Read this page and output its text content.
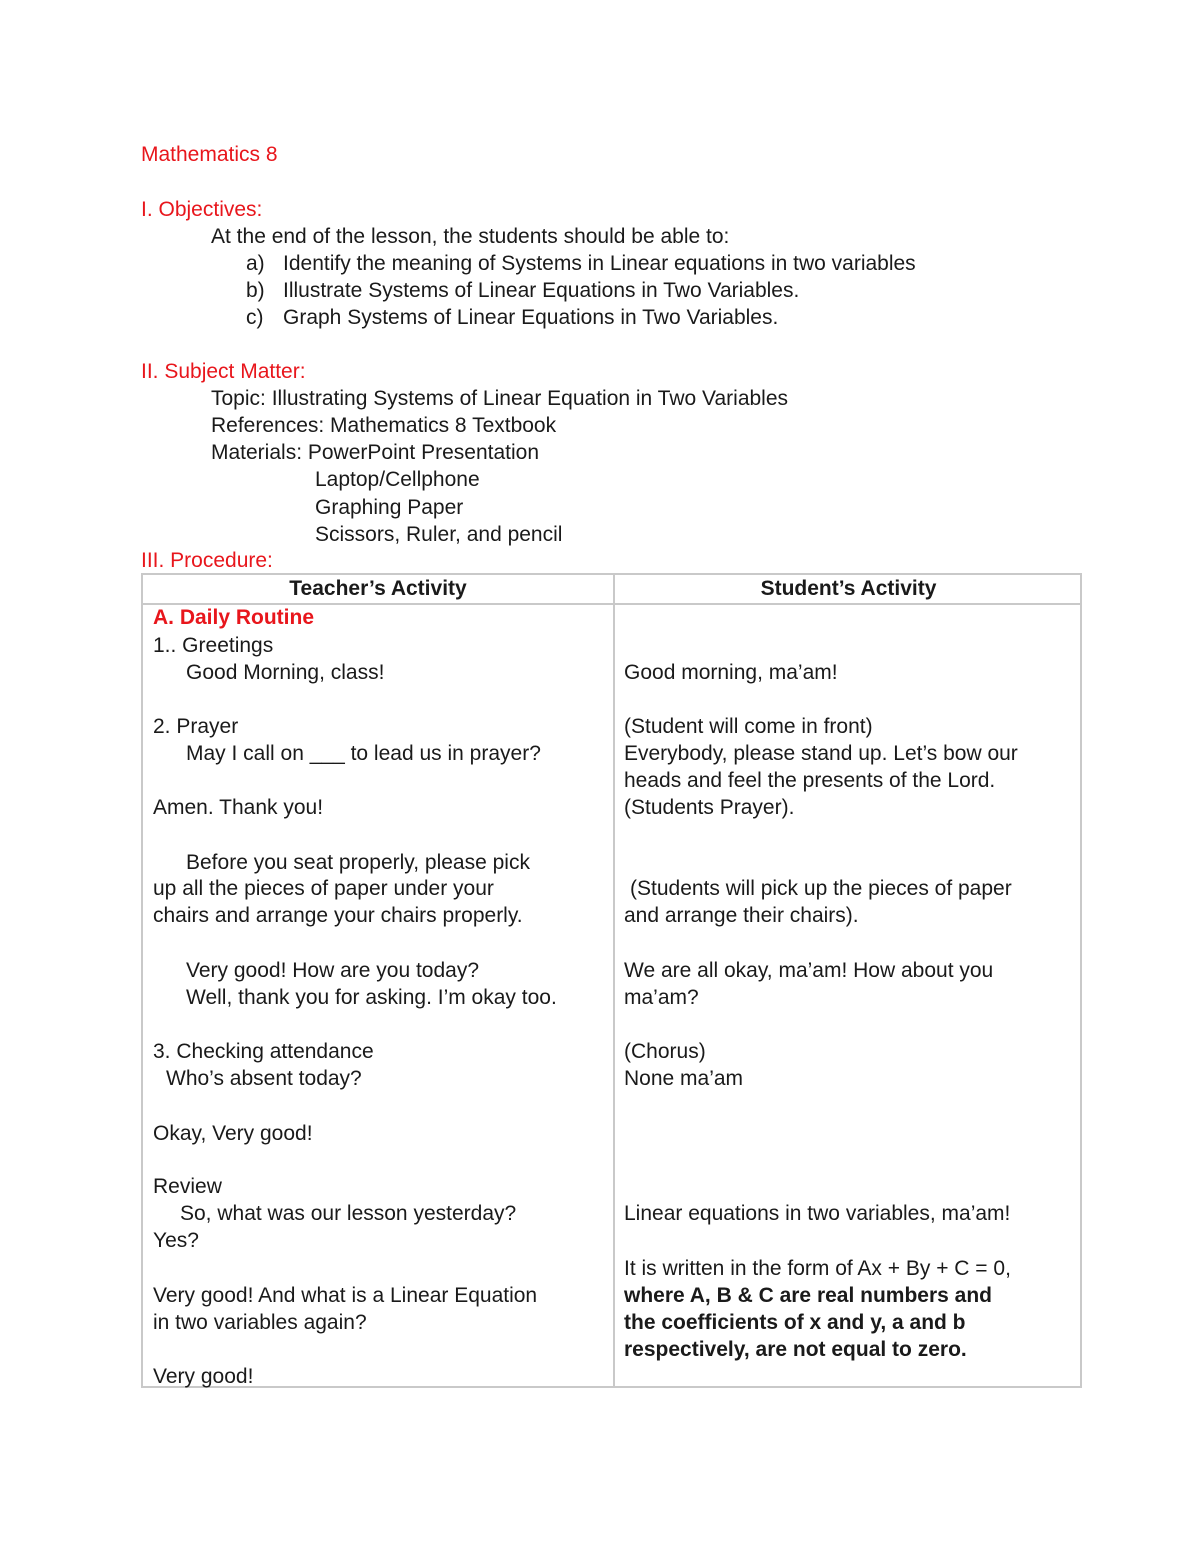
Mathematics 8
I. Objectives:
At the end of the lesson, the students should be able to:
a) Identify the meaning of Systems in Linear equations in two variables
b) Illustrate Systems of Linear Equations in Two Variables.
c) Graph Systems of Linear Equations in Two Variables.
II. Subject Matter:
Topic: Illustrating Systems of Linear Equation in Two Variables
References: Mathematics 8 Textbook
Materials: PowerPoint Presentation
Laptop/Cellphone
Graphing Paper
Scissors, Ruler, and pencil
III. Procedure:
Teacher’s Activity	Student’s Activity
A. Daily Routine
1.. Greetings
Good Morning, class!
2. Prayer
May I call on ___ to lead us in prayer?
Amen. Thank you!
Before you seat properly, please pick
up all the pieces of paper under your
chairs and arrange your chairs properly.
Very good! How are you today?
Well, thank you for asking. I’m okay too.
3. Checking attendance
Who’s absent today?
Okay, Very good!
Review
So, what was our lesson yesterday?
Yes?
Very good! And what is a Linear Equation
in two variables again?
Very good!
Good morning, ma’am!
(Student will come in front)
Everybody, please stand up. Let’s bow our
heads and feel the presents of the Lord.
(Students Prayer).
(Students will pick up the pieces of paper
and arrange their chairs).
We are all okay, ma’am! How about you
ma’am?
(Chorus)
None ma’am
Linear equations in two variables, ma’am!
It is written in the form of Ax + By + C = 0,
where A, B & C are real numbers and
the coefficients of x and y, a and b
respectively, are not equal to zero.
